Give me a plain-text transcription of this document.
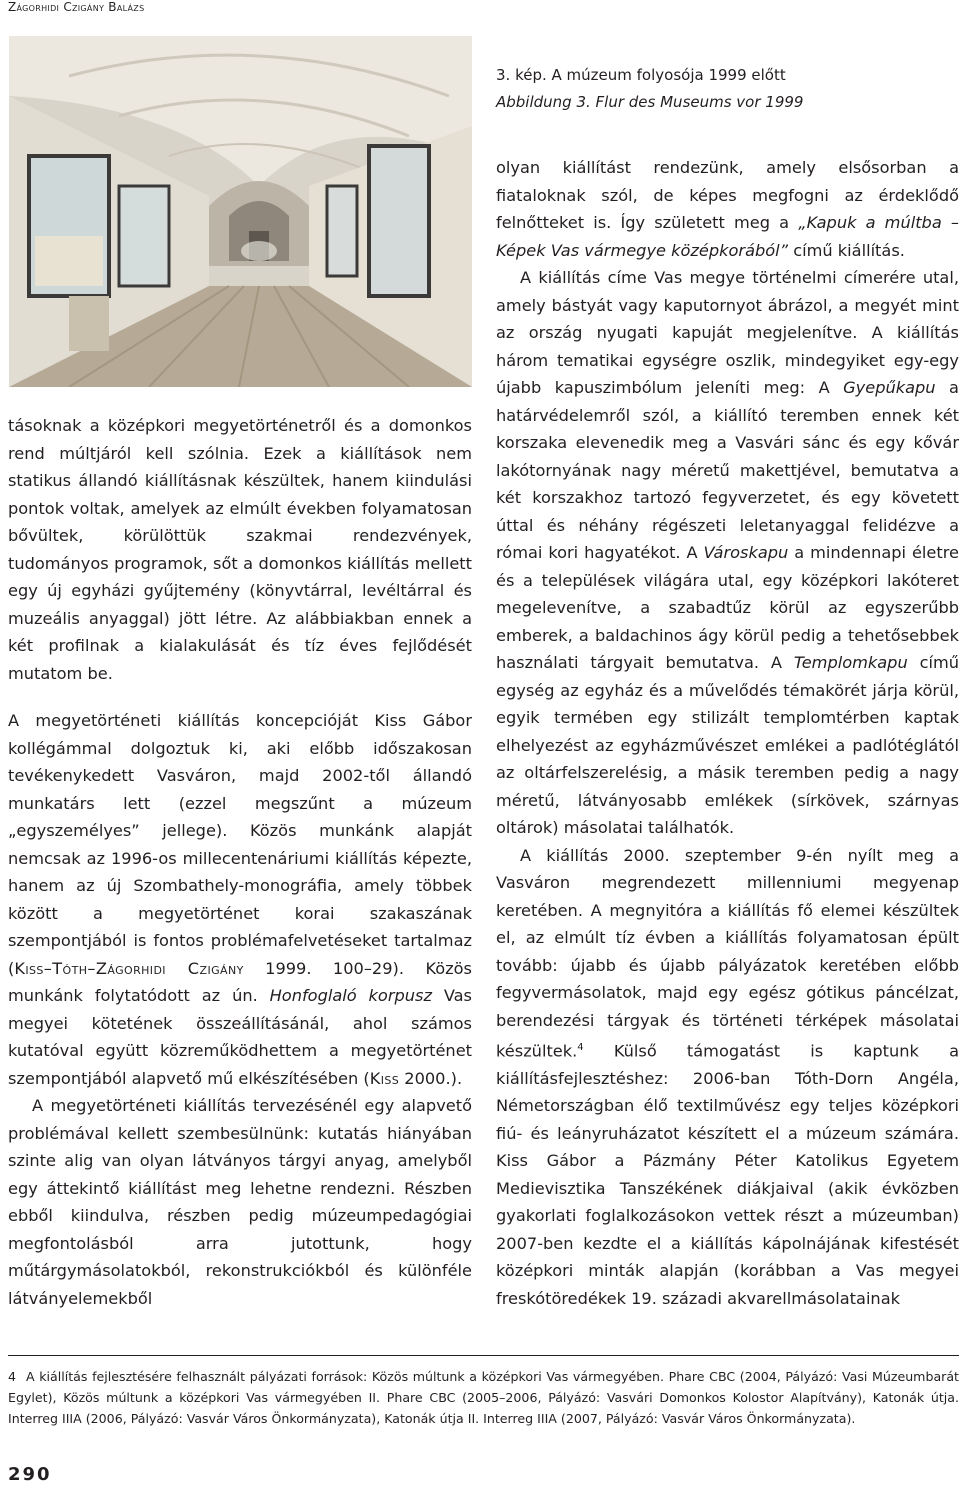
Zágorhidi Czigány Balázs
3. kép. A múzeum folyosója 1999 előtt
Abbildung 3. Flur des Museums vor 1999

tásoknak a középkori megyetörténetről és a domonkos rend múltjáról kell szólnia. Ezek a kiállítások nem statikus állandó kiállításnak készültek, hanem kiindulási pontok voltak, amelyek az elmúlt években folyamatosan bővültek, körülöttük szakmai rendezvények, tudományos programok, sőt a domonkos kiállítás mellett egy új egyházi gyűjtemény (könyvtárral, levéltárral és muzeális anyaggal) jött létre. Az alábbiakban ennek a két profilnak a kialakulását és tíz éves fejlődését mutatom be.

A megyetörténeti kiállítás koncepcióját Kiss Gábor kollégámmal dolgoztuk ki, aki előbb időszakosan tevékenykedett Vasváron, majd 2002-től állandó munkatárs lett (ezzel megszűnt a múzeum „egyszemélyes” jellege). Közös munkánk alapját nemcsak az 1996-os millecentenáriumi kiállítás képezte, hanem az új Szombathely-monográfia, amely többek között a megyetörténet korai szakaszának szempontjából is fontos problémafelvetéseket tartalmaz (Kiss–Tóth–Zágorhidi Czigány 1999. 100–29). Közös munkánk folytatódott az ún. Honfoglaló korpusz Vas megyei kötetének összeállításánál, ahol számos kutatóval együtt közreműködhettem a megyetörténet szempontjából alapvető mű elkészítésében (Kiss 2000.).

A megyetörténeti kiállítás tervezésénél egy alapvető problémával kellett szembesülnünk: kutatás hiányában szinte alig van olyan látványos tárgyi anyag, amelyből egy áttekintő kiállítást meg lehetne rendezni. Részben ebből kiindulva, részben pedig múzeumpedagógiai megfontolásból arra jutottunk, hogy műtárgymásolatokból, rekonstrukciókból és különféle látványelemekből

olyan kiállítást rendezünk, amely elsősorban a fiataloknak szól, de képes megfogni az érdeklődő felnőtteket is. Így született meg a „Kapuk a múltba – Képek Vas vármegye középkorából” című kiállítás.

A kiállítás címe Vas megye történelmi címerére utal, amely bástyát vagy kaputornyot ábrázol, a megyét mint az ország nyugati kapuját megjelenítve. A kiállítás három tematikai egységre oszlik, mindegyiket egy-egy újabb kapuszimbólum jeleníti meg: A Gyepűkapu a határvédelemről szól, a kiállító teremben ennek két korszaka elevenedik meg a Vasvári sánc és egy kővár lakótornyának nagy méretű makettjével, bemutatva a két korszakhoz tartozó fegyverzetet, és egy követett úttal és néhány régészeti leletanyaggal felidézve a római kori hagyatékot. A Városkapu a mindennapi életre és a települések világára utal, egy középkori lakóteret megelevenítve, a szabadtűz körül az egyszerűbb emberek, a baldachinos ágy körül pedig a tehetősebbek használati tárgyait bemutatva. A Templomkapu című egység az egyház és a művelődés témakörét járja körül, egyik termében egy stilizált templomtérben kaptak elhelyezést az egyházművészet emlékei a padlótéglától az oltárfelszerelésig, a másik teremben pedig a nagy méretű, látványosabb emlékek (sírkövek, szárnyas oltárok) másolatai találhatók.

A kiállítás 2000. szeptember 9-én nyílt meg a Vasváron megrendezett millenniumi megyenap keretében. A megnyitóra a kiállítás fő elemei készültek el, az elmúlt tíz évben a kiállítás folyamatosan épült tovább: újabb és újabb pályázatok keretében előbb fegyvermásolatok, majd egy egész gótikus páncélzat, berendezési tárgyak és történeti térképek másolatai készültek.$^4$ Külső támogatást is kaptunk a kiállításfejlesztéshez: 2006-ban Tóth-Dorn Angéla, Németországban élő textilművész egy teljes középkori fiú- és leányruházatot készített el a múzeum számára. Kiss Gábor a Pázmány Péter Katolikus Egyetem Medievisztika Tanszékének diákjaival (akik évközben gyakorlati foglalkozásokon vettek részt a múzeumban) 2007-ben kezdte el a kiállítás kápolnájának kifestését középkori minták alapján (korábban a Vas megyei freskótöredékek 19. századi akvarellmásolatainak

4 A kiállítás fejlesztésére felhasznált pályázati források: Közös múltunk a középkori Vas vármegyében. Phare CBC (2004, Pályázó: Vasi Múzeumbarát Egylet), Közös múltunk a középkori Vas vármegyében II. Phare CBC (2005–2006, Pályázó: Vasvári Domonkos Kolostor Alapítvány), Katonák útja. Interreg IIIA (2006, Pályázó: Vasvár Város Önkormányzata), Katonák útja II. Interreg IIIA (2007, Pályázó: Vasvár Város Önkormányzata).
290
